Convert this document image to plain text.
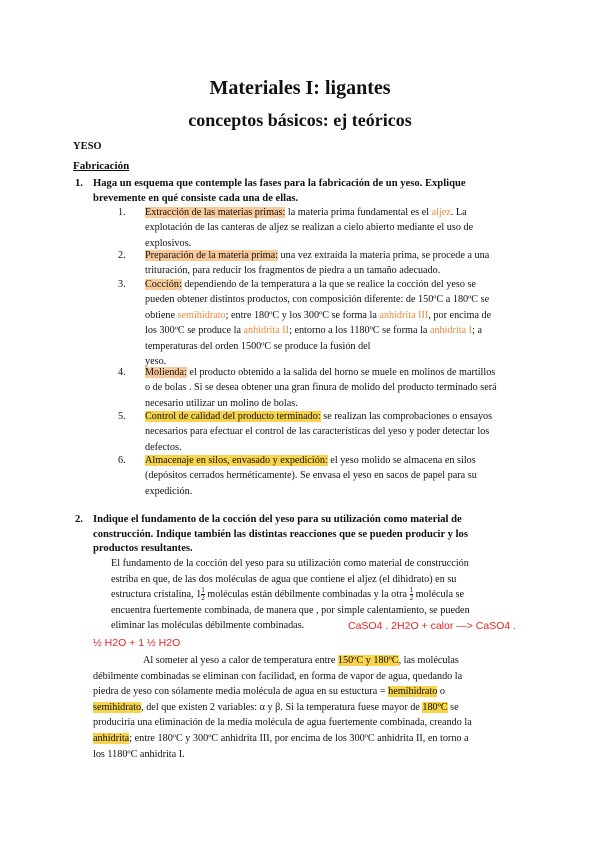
Materiales I: ligantes
conceptos básicos: ej teóricos
YESO
Fabricación
1. Haga un esquema que contemple las fases para la fabricación de un yeso. Explique
brevemente en qué consiste cada una de ellas.
1. Extracción de las materias primas: la materia prima fundamental es el aljez. La
explotación de las canteras de aljez se realizan a cielo abierto mediante el uso de
explosivos.
2. Preparación de la materia prima: una vez extraída la materia prima, se procede a una
trituración, para reducir los fragmentos de piedra a un tamaño adecuado.
3. Cocción: dependiendo de la temperatura a la que se realice la cocción del yeso se
pueden obtener distintos productos, con composición diferente: de 150ºC a 180ºC se
obtiene semihidrato; entre 180ºC y los 300ºC se forma la anhidrita III, por encima de
los 300ºC se produce la anhidrita II; entorno a los 1180ºC se forma la anhidrita I; a
temperaturas del orden 1500ºC se produce la fusión del
yeso.
4. Molienda: el producto obtenido a la salida del horno se muele en molinos de martillos
o de bolas . Si se desea obtener una gran finura de molido del producto terminado será
necesario utilizar un molino de bolas.
5. Control de calidad del producto terminado: se realizan las comprobaciones o ensayos
necesarios para efectuar el control de las características del yeso y poder detectar los
defectos.
6. Almacenaje en silos, envasado y expedición: el yeso molido se almacena en silos
(depósitos cerrados herméticamente). Se envasa el yeso en sacos de papel para su
expedición.
2. Indique el fundamento de la cocción del yeso para su utilización como material de
construcción. Indique también las distintas reacciones que se pueden producir y los
productos resultantes.
El fundamento de la cocción del yeso para su utilización como material de construcción
estriba en que, de las dos moléculas de agua que contiene el aljez (el dihidrato) en su
estructura cristalina, $1 \frac{1}{2}$ moléculas están débilmente combinadas y la otra $\frac{1}{2}$ molécula se
encuentra fuertemente combinada, de manera que , por simple calentamiento, se pueden
eliminar las moléculas débilmente combinadas.	CaSO4 . 2H2O + calor —> CaSO4 .
½ H2O + 1 ½ H2O
Al someter al yeso a calor de temperatura entre 150ºC y 180ºC, las moléculas
débilmente combinadas se eliminan con facilidad, en forma de vapor de agua, quedando la
piedra de yeso con sólamente media molécula de agua en su estuctura = hemihidrato o
semihidrato, del que existen 2 variables: α y β. Si la temperatura fuese mayor de 180ºC se
produciría una eliminación de la media molécula de agua fuertemente combinada, creando la
anhidrita; entre 180ºC y 300ºC anhidrita III, por encima de los 300ºC anhidrita II, en torno a
los 1180ºC anhidrita I.
